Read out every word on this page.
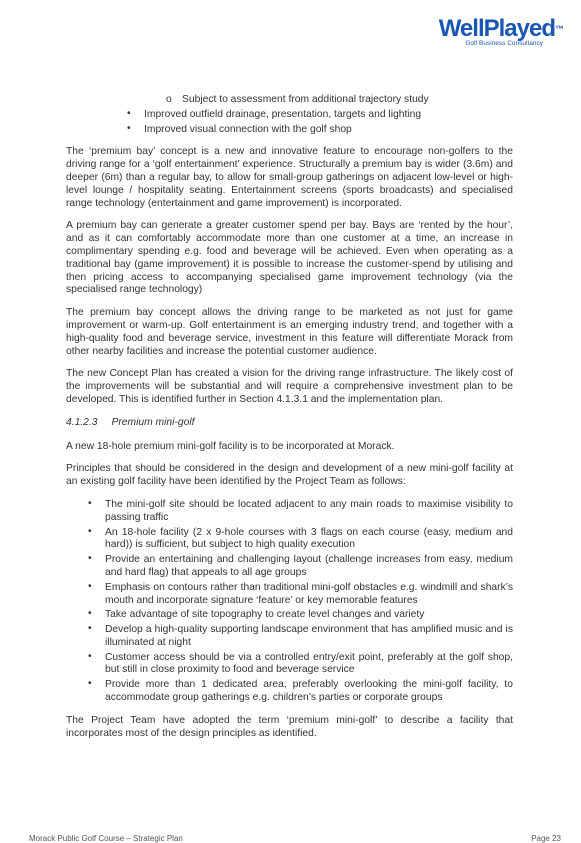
WellPlayed™
Golf Business Consultancy
o Subject to assessment from additional trajectory study
• Improved outfield drainage, presentation, targets and lighting
• Improved visual connection with the golf shop

The ‘premium bay’ concept is a new and innovative feature to encourage non-golfers to the driving range for a ‘golf entertainment’ experience. Structurally a premium bay is wider (3.6m) and deeper (6m) than a regular bay, to allow for small-group gatherings on adjacent low-level or high-level lounge / hospitality seating. Entertainment screens (sports broadcasts) and specialised range technology (entertainment and game improvement) is incorporated.

A premium bay can generate a greater customer spend per bay. Bays are ‘rented by the hour’, and as it can comfortably accommodate more than one customer at a time, an increase in complimentary spending e.g. food and beverage will be achieved. Even when operating as a traditional bay (game improvement) it is possible to increase the customer-spend by utilising and then pricing access to accompanying specialised game improvement technology (via the specialised range technology)

The premium bay concept allows the driving range to be marketed as not just for game improvement or warm-up. Golf entertainment is an emerging industry trend, and together with a high-quality food and beverage service, investment in this feature will differentiate Morack from other nearby facilities and increase the potential customer audience.

The new Concept Plan has created a vision for the driving range infrastructure. The likely cost of the improvements will be substantial and will require a comprehensive investment plan to be developed. This is identified further in Section 4.1.3.1 and the implementation plan.

4.1.2.3 Premium mini-golf

A new 18-hole premium mini-golf facility is to be incorporated at Morack.

Principles that should be considered in the design and development of a new mini-golf facility at an existing golf facility have been identified by the Project Team as follows:

• The mini-golf site should be located adjacent to any main roads to maximise visibility to passing traffic
• An 18-hole facility (2 x 9-hole courses with 3 flags on each course (easy, medium and hard)) is sufficient, but subject to high quality execution
• Provide an entertaining and challenging layout (challenge increases from easy, medium and hard flag) that appeals to all age groups
• Emphasis on contours rather than traditional mini-golf obstacles e.g. windmill and shark’s mouth and incorporate signature ‘feature’ or key memorable features
• Take advantage of site topography to create level changes and variety
• Develop a high-quality supporting landscape environment that has amplified music and is illuminated at night
• Customer access should be via a controlled entry/exit point, preferably at the golf shop, but still in close proximity to food and beverage service
• Provide more than 1 dedicated area, preferably overlooking the mini-golf facility, to accommodate group gatherings e.g. children’s parties or corporate groups

The Project Team have adopted the term ‘premium mini-golf’ to describe a facility that incorporates most of the design principles as identified.

Morack Public Golf Course – Strategic Plan	Page 23
